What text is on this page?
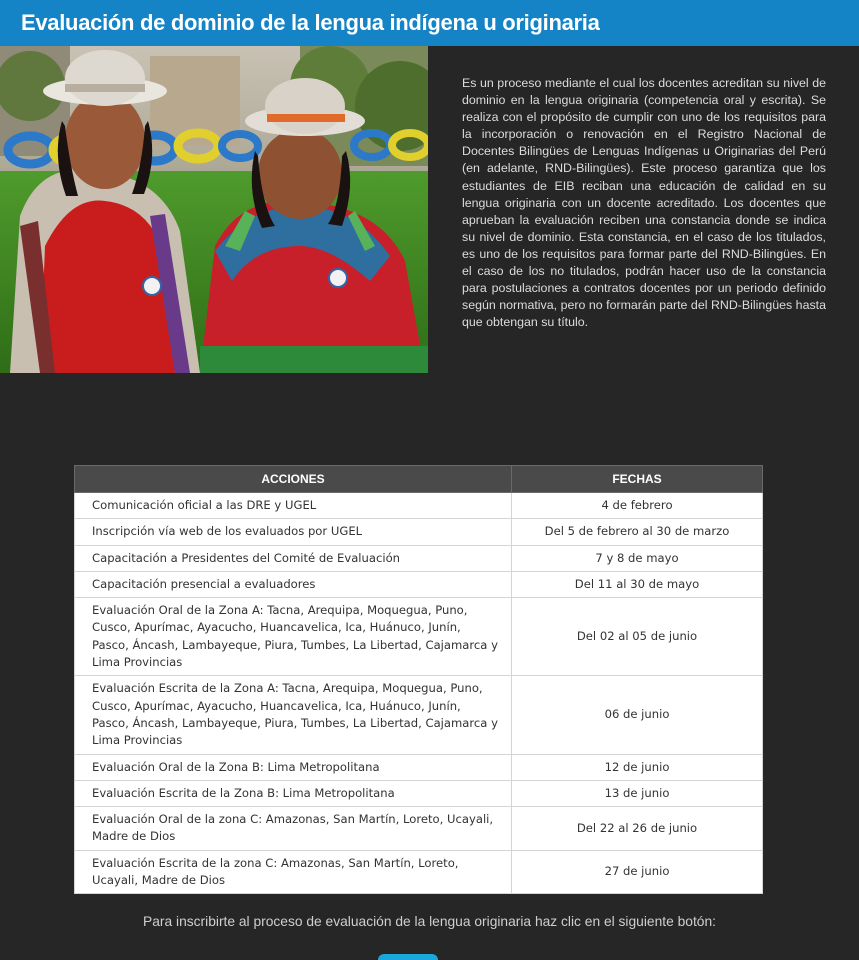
Evaluación de dominio de la lengua indígena u originaria
Es un proceso mediante el cual los docentes acreditan su nivel de dominio en la lengua originaria (competencia oral y escrita). Se realiza con el propósito de cumplir con uno de los requisitos para la incorporación o renovación en el Registro Nacional de Docentes Bilingües de Lenguas Indígenas u Originarias del Perú (en adelante, RND-Bilingües). Este proceso garantiza que los estudiantes de EIB reciban una educación de calidad en su lengua originaria con un docente acreditado. Los docentes que aprueban la evaluación reciben una constancia donde se indica su nivel de dominio. Esta constancia, en el caso de los titulados, es uno de los requisitos para formar parte del RND-Bilingües. En el caso de los no titulados, podrán hacer uso de la constancia para postulaciones a contratos docentes por un periodo definido según normativa, pero no formarán parte del RND-Bilingües hasta que obtengan su título.
ACCIONES	FECHAS
Comunicación oficial a las DRE y UGEL	4 de febrero
Inscripción vía web de los evaluados por UGEL	Del 5 de febrero al 30 de marzo
Capacitación a Presidentes del Comité de Evaluación	7 y 8 de mayo
Capacitación presencial a evaluadores	Del 11 al 30 de mayo
Evaluación Oral de la Zona A: Tacna, Arequipa, Moquegua, Puno, Cusco, Apurímac, Ayacucho, Huancavelica, Ica, Huánuco, Junín, Pasco, Áncash, Lambayeque, Piura, Tumbes, La Libertad, Cajamarca y Lima Provincias	Del 02 al 05 de junio
Evaluación Escrita de la Zona A: Tacna, Arequipa, Moquegua, Puno, Cusco, Apurímac, Ayacucho, Huancavelica, Ica, Huánuco, Junín, Pasco, Áncash, Lambayeque, Piura, Tumbes, La Libertad, Cajamarca y Lima Provincias	06 de junio
Evaluación Oral de la Zona B: Lima Metropolitana	12 de junio
Evaluación Escrita de la Zona B: Lima Metropolitana	13 de junio
Evaluación Oral de la zona C: Amazonas, San Martín, Loreto, Ucayali, Madre de Dios	Del 22 al 26 de junio
Evaluación Escrita de la zona C: Amazonas, San Martín, Loreto, Ucayali, Madre de Dios	27 de junio
Para inscribirte al proceso de evaluación de la lengua originaria haz clic en el siguiente botón:
